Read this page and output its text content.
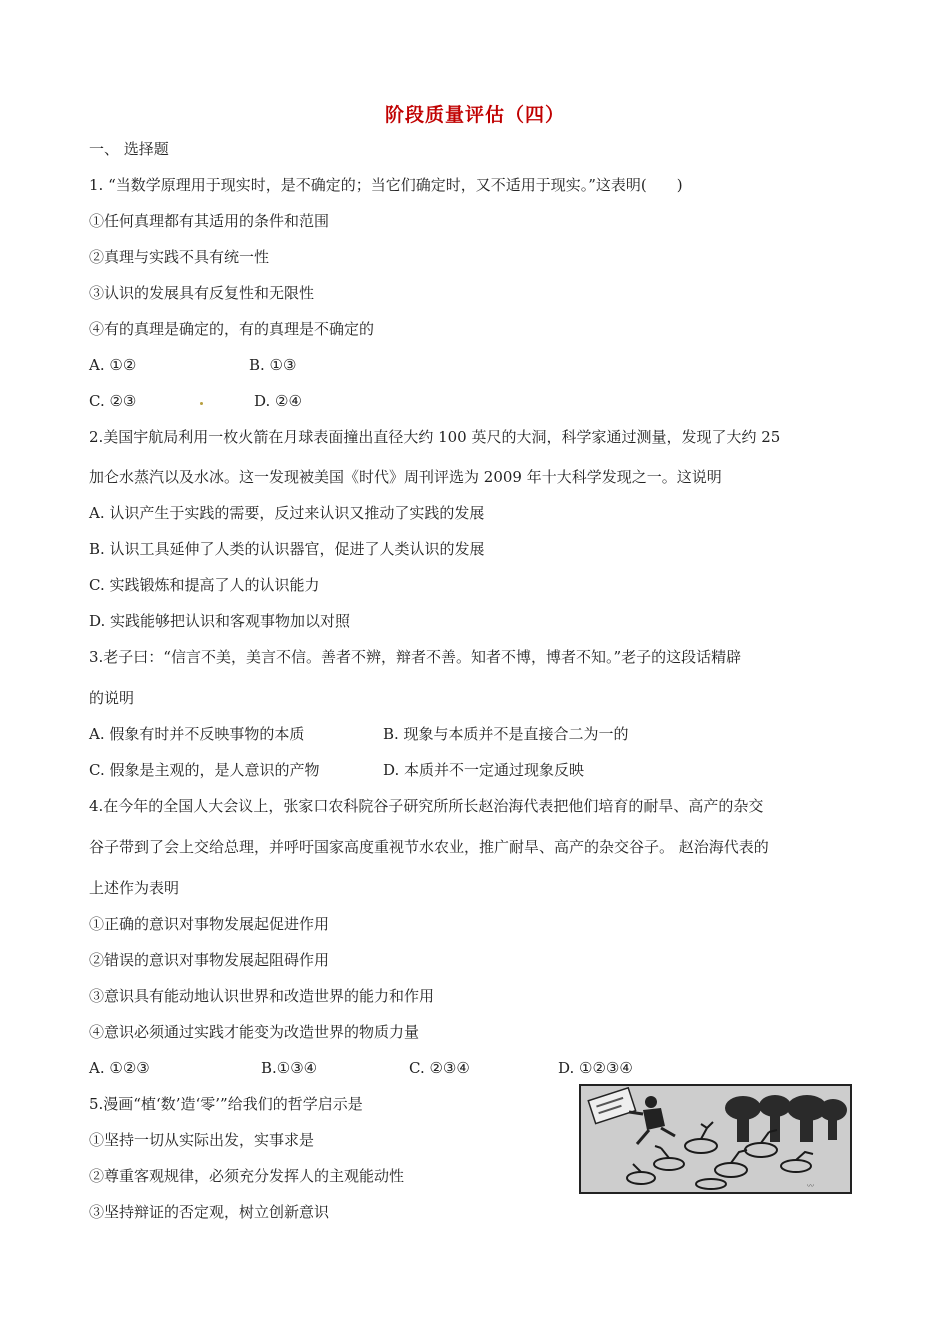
阶段质量评估（四）
一、 选择题
1. “当数学原理用于现实时，是不确定的；当它们确定时，又不适用于现实。”这表明(　　)
①任何真理都有其适用的条件和范围
②真理与实践不具有统一性
③认识的发展具有反复性和无限性
④有的真理是确定的，有的真理是不确定的
A. ①②	B. ①③
C. ②③	D. ②④
2.美国宇航局利用一枚火箭在月球表面撞出直径大约 100 英尺的大洞，科学家通过测量，发现了大约 25
加仑水蒸汽以及水冰。这一发现被美国《时代》周刊评选为 2009 年十大科学发现之一。这说明
A. 认识产生于实践的需要，反过来认识又推动了实践的发展
B. 认识工具延伸了人类的认识器官，促进了人类认识的发展
C. 实践锻炼和提高了人的认识能力
D. 实践能够把认识和客观事物加以对照
3.老子曰：“信言不美，美言不信。善者不辨，辩者不善。知者不博，博者不知。”老子的这段话精辟
的说明
A. 假象有时并不反映事物的本质	B. 现象与本质并不是直接合二为一的
C. 假象是主观的，是人意识的产物	D. 本质并不一定通过现象反映
4.在今年的全国人大会议上，张家口农科院谷子研究所所长赵治海代表把他们培育的耐旱、高产的杂交
谷子带到了会上交给总理，并呼吁国家高度重视节水农业，推广耐旱、高产的杂交谷子。 赵治海代表的
上述作为表明
①正确的意识对事物发展起促进作用
②错误的意识对事物发展起阻碍作用
③意识具有能动地认识世界和改造世界的能力和作用
④意识必须通过实践才能变为改造世界的物质力量
A. ①②③	B.①③④	C. ②③④	D. ①②③④
5.漫画“植‘数’造‘零’”给我们的哲学启示是
①坚持一切从实际出发，实事求是
②尊重客观规律，必须充分发挥人的主观能动性
③坚持辩证的否定观，树立创新意识
〰
